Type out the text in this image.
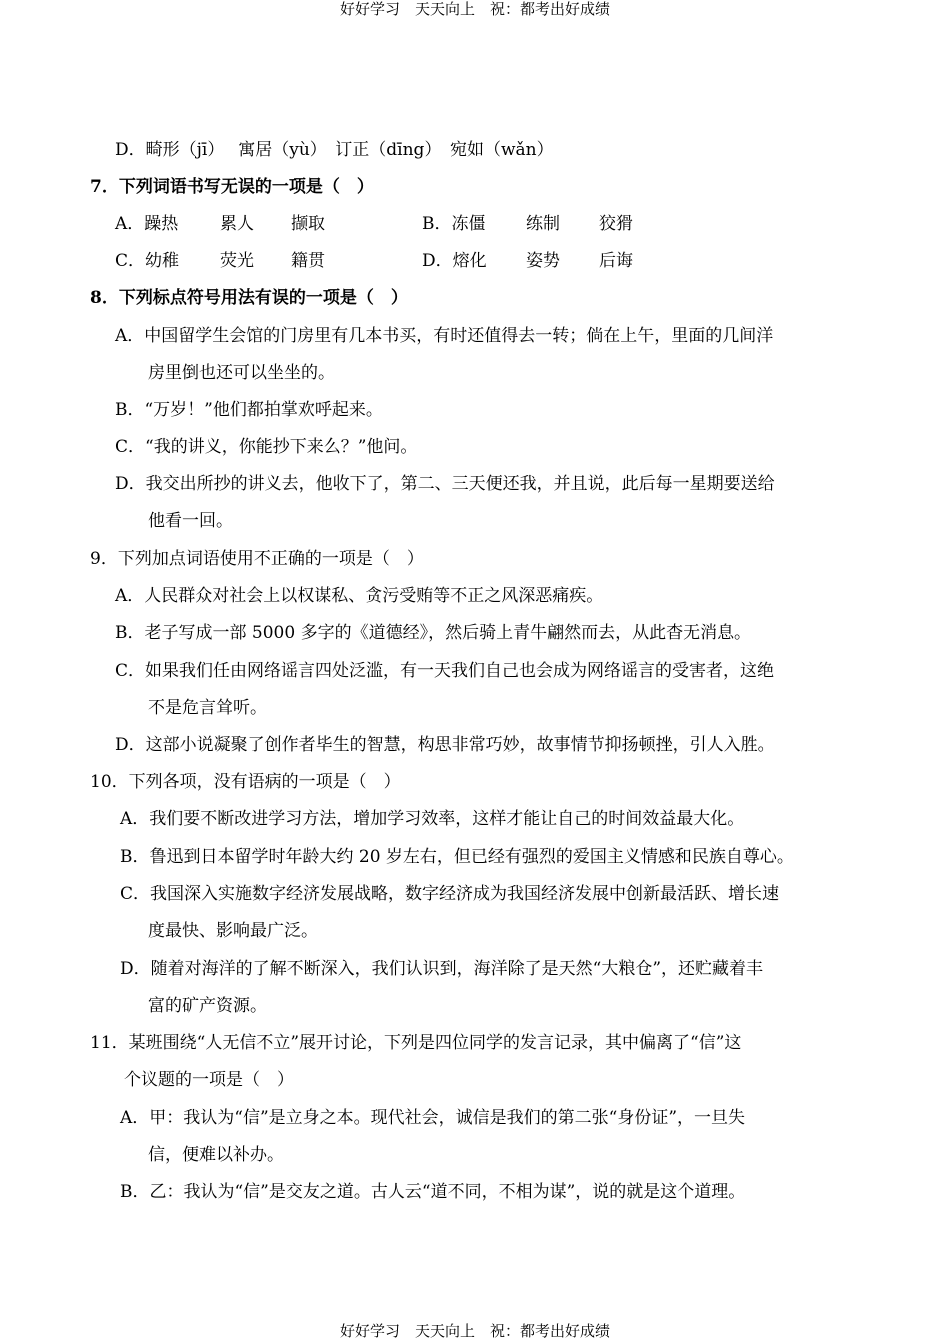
好好学习　天天向上　祝：都考出好成绩
D．畸形（jī）　 寓居（yù）　订正（dīng）　宛如（wǎn）
7．下列词语书写无误的一项是（　）
A．躁热 累人 撷取	B．冻僵 练制 狡猾
C．幼稚 荧光 籍贯	D．熔化 姿势 后诲
8．下列标点符号用法有误的一项是（　）
A．中国留学生会馆的门房里有几本书买，有时还值得去一转；倘在上午，里面的几间洋
房里倒也还可以坐坐的。
B．“万岁！”他们都拍掌欢呼起来。
C．“我的讲义，你能抄下来么？”他问。
D．我交出所抄的讲义去，他收下了，第二、三天便还我，并且说，此后每一星期要送给
他看一回。
9．下列加点词语使用不正确的一项是（　）
A．人民群众对社会上以权谋私、贪污受贿等不正之风深恶痛疾。
B．老子写成一部 5000 多字的《道德经》，然后骑上青牛翩然而去，从此杳无消息。
C．如果我们任由网络谣言四处泛滥，有一天我们自己也会成为网络谣言的受害者，这绝
不是危言耸听。
D．这部小说凝聚了创作者毕生的智慧，构思非常巧妙，故事情节抑扬顿挫，引人入胜。
10．下列各项，没有语病的一项是（　）
A．我们要不断改进学习方法，增加学习效率，这样才能让自己的时间效益最大化。
B．鲁迅到日本留学时年龄大约 20 岁左右，但已经有强烈的爱国主义情感和民族自尊心。
C．我国深入实施数字经济发展战略，数字经济成为我国经济发展中创新最活跃、增长速
度最快、影响最广泛。
D．随着对海洋的了解不断深入，我们认识到，海洋除了是天然“大粮仓”，还贮藏着丰
富的矿产资源。
11．某班围绕“人无信不立”展开讨论，下列是四位同学的发言记录，其中偏离了“信”这
个议题的一项是（　）
A．甲：我认为“信”是立身之本。现代社会，诚信是我们的第二张“身份证”，一旦失
信，便难以补办。
B．乙：我认为“信”是交友之道。古人云“道不同，不相为谋”，说的就是这个道理。
好好学习　天天向上　祝：都考出好成绩
